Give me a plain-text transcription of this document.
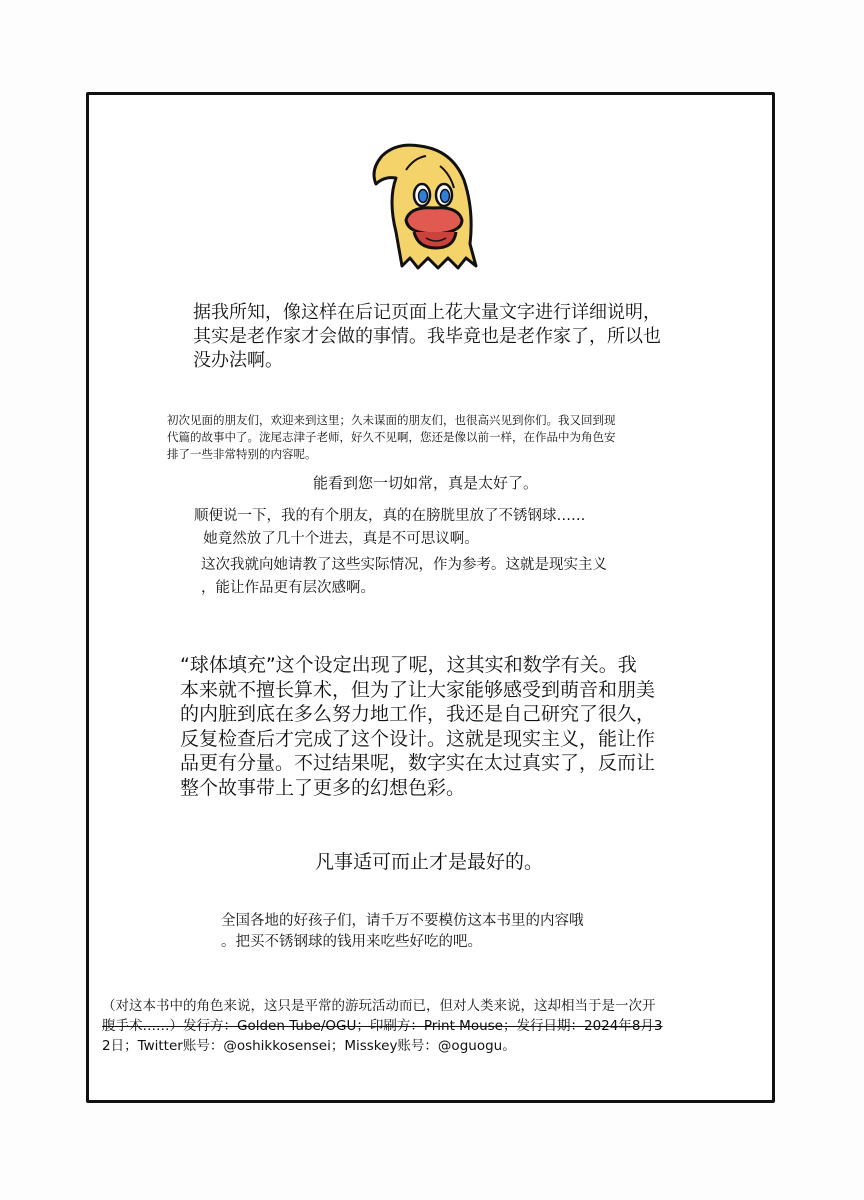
据我所知，像这样在后记页面上花大量文字进行详细说明，
其实是老作家才会做的事情。我毕竟也是老作家了，所以也
没办法啊。
初次见面的朋友们，欢迎来到这里；久未谋面的朋友们，也很高兴见到你们。我又回到现
代篇的故事中了。泷尾志津子老师，好久不见啊，您还是像以前一样，在作品中为角色安
排了一些非常特别的内容呢。
能看到您一切如常，真是太好了。
顺便说一下，我的有个朋友，真的在膀胱里放了不锈钢球……
她竟然放了几十个进去，真是不可思议啊。
这次我就向她请教了这些实际情况，作为参考。这就是现实主义
，能让作品更有层次感啊。
“球体填充”这个设定出现了呢，这其实和数学有关。我
本来就不擅长算术，但为了让大家能够感受到萌音和朋美
的内脏到底在多么努力地工作，我还是自己研究了很久，
反复检查后才完成了这个设计。这就是现实主义，能让作
品更有分量。不过结果呢，数字实在太过真实了，反而让
整个故事带上了更多的幻想色彩。
凡事适可而止才是最好的。
全国各地的好孩子们，请千万不要模仿这本书里的内容哦
。把买不锈钢球的钱用来吃些好吃的吧。
（对这本书中的角色来说，这只是平常的游玩活动而已，但对人类来说，这却相当于是一次开
腹手术……）发行方：Golden Tube/OGU；印刷方：Print Mouse；发行日期：2024年8月3
2日；Twitter账号：@oshikkosensei；Misskey账号：@oguogu。
